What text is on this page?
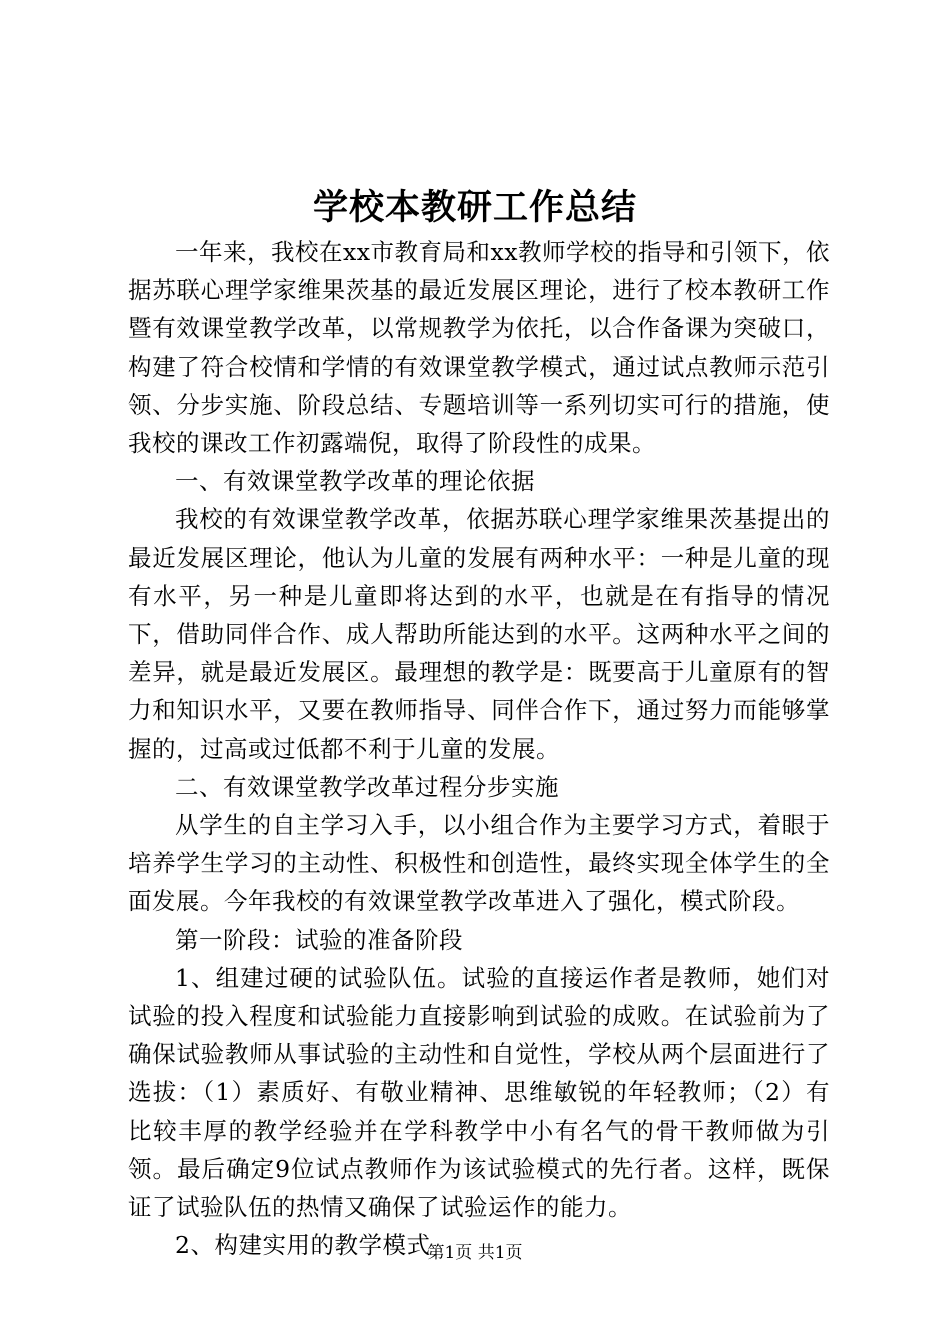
学校本教研工作总结

一年来，我校在xx市教育局和xx教师学校的指导和引领下，依据苏联心理学家维果茨基的最近发展区理论，进行了校本教研工作暨有效课堂教学改革，以常规教学为依托，以合作备课为突破口，构建了符合校情和学情的有效课堂教学模式，通过试点教师示范引领、分步实施、阶段总结、专题培训等一系列切实可行的措施，使我校的课改工作初露端倪，取得了阶段性的成果。

一、有效课堂教学改革的理论依据

我校的有效课堂教学改革，依据苏联心理学家维果茨基提出的最近发展区理论，他认为儿童的发展有两种水平：一种是儿童的现有水平，另一种是儿童即将达到的水平，也就是在有指导的情况下，借助同伴合作、成人帮助所能达到的水平。这两种水平之间的差异，就是最近发展区。最理想的教学是：既要高于儿童原有的智力和知识水平，又要在教师指导、同伴合作下，通过努力而能够掌握的，过高或过低都不利于儿童的发展。

二、有效课堂教学改革过程分步实施

从学生的自主学习入手，以小组合作为主要学习方式，着眼于培养学生学习的主动性、积极性和创造性，最终实现全体学生的全面发展。今年我校的有效课堂教学改革进入了强化，模式阶段。

第一阶段：试验的准备阶段

1、组建过硬的试验队伍。试验的直接运作者是教师，她们对试验的投入程度和试验能力直接影响到试验的成败。在试验前为了确保试验教师从事试验的主动性和自觉性，学校从两个层面进行了选拔：（1）素质好、有敬业精神、思维敏锐的年轻教师；（2）有比较丰厚的教学经验并在学科教学中小有名气的骨干教师做为引领。最后确定9位试点教师作为该试验模式的先行者。这样，既保证了试验队伍的热情又确保了试验运作的能力。

2、构建实用的教学模式

第1页 共1页
